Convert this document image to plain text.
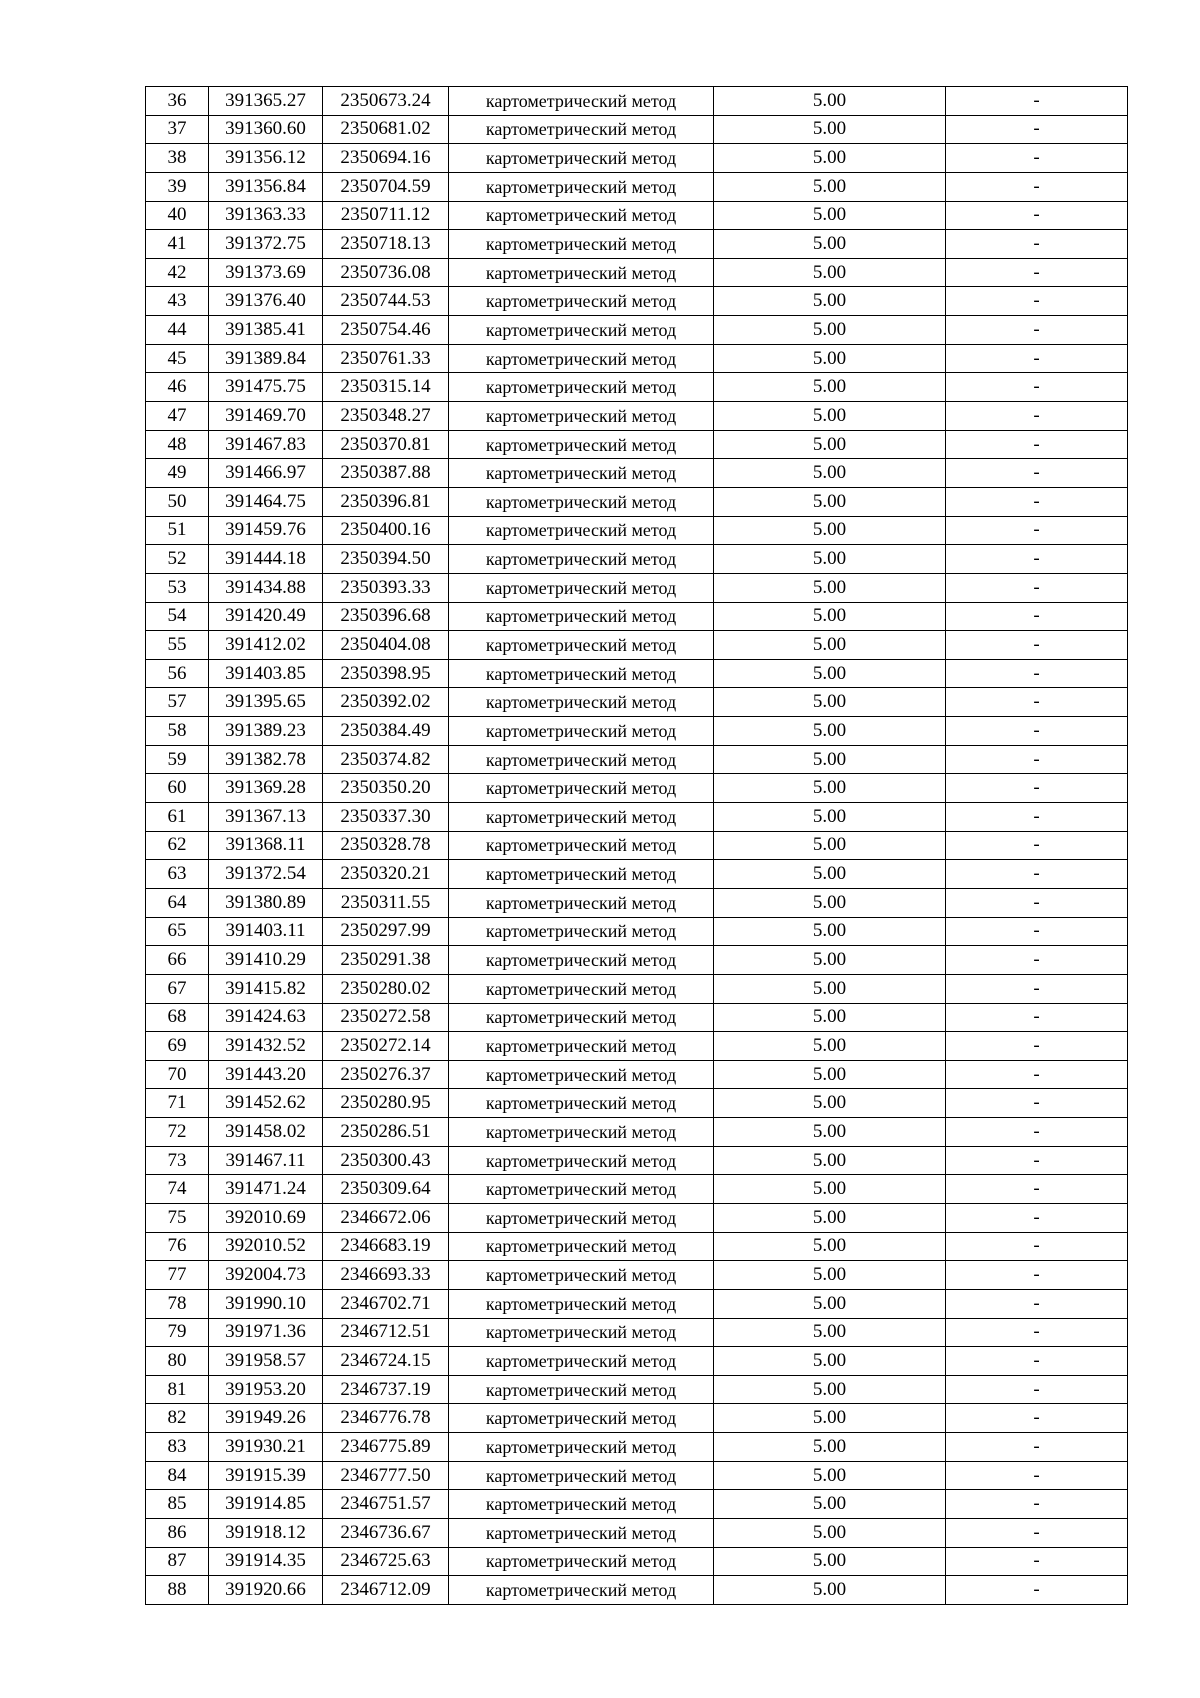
36	391365.27	2350673.24	картометрический метод	5.00	-
37	391360.60	2350681.02	картометрический метод	5.00	-
38	391356.12	2350694.16	картометрический метод	5.00	-
39	391356.84	2350704.59	картометрический метод	5.00	-
40	391363.33	2350711.12	картометрический метод	5.00	-
41	391372.75	2350718.13	картометрический метод	5.00	-
42	391373.69	2350736.08	картометрический метод	5.00	-
43	391376.40	2350744.53	картометрический метод	5.00	-
44	391385.41	2350754.46	картометрический метод	5.00	-
45	391389.84	2350761.33	картометрический метод	5.00	-
46	391475.75	2350315.14	картометрический метод	5.00	-
47	391469.70	2350348.27	картометрический метод	5.00	-
48	391467.83	2350370.81	картометрический метод	5.00	-
49	391466.97	2350387.88	картометрический метод	5.00	-
50	391464.75	2350396.81	картометрический метод	5.00	-
51	391459.76	2350400.16	картометрический метод	5.00	-
52	391444.18	2350394.50	картометрический метод	5.00	-
53	391434.88	2350393.33	картометрический метод	5.00	-
54	391420.49	2350396.68	картометрический метод	5.00	-
55	391412.02	2350404.08	картометрический метод	5.00	-
56	391403.85	2350398.95	картометрический метод	5.00	-
57	391395.65	2350392.02	картометрический метод	5.00	-
58	391389.23	2350384.49	картометрический метод	5.00	-
59	391382.78	2350374.82	картометрический метод	5.00	-
60	391369.28	2350350.20	картометрический метод	5.00	-
61	391367.13	2350337.30	картометрический метод	5.00	-
62	391368.11	2350328.78	картометрический метод	5.00	-
63	391372.54	2350320.21	картометрический метод	5.00	-
64	391380.89	2350311.55	картометрический метод	5.00	-
65	391403.11	2350297.99	картометрический метод	5.00	-
66	391410.29	2350291.38	картометрический метод	5.00	-
67	391415.82	2350280.02	картометрический метод	5.00	-
68	391424.63	2350272.58	картометрический метод	5.00	-
69	391432.52	2350272.14	картометрический метод	5.00	-
70	391443.20	2350276.37	картометрический метод	5.00	-
71	391452.62	2350280.95	картометрический метод	5.00	-
72	391458.02	2350286.51	картометрический метод	5.00	-
73	391467.11	2350300.43	картометрический метод	5.00	-
74	391471.24	2350309.64	картометрический метод	5.00	-
75	392010.69	2346672.06	картометрический метод	5.00	-
76	392010.52	2346683.19	картометрический метод	5.00	-
77	392004.73	2346693.33	картометрический метод	5.00	-
78	391990.10	2346702.71	картометрический метод	5.00	-
79	391971.36	2346712.51	картометрический метод	5.00	-
80	391958.57	2346724.15	картометрический метод	5.00	-
81	391953.20	2346737.19	картометрический метод	5.00	-
82	391949.26	2346776.78	картометрический метод	5.00	-
83	391930.21	2346775.89	картометрический метод	5.00	-
84	391915.39	2346777.50	картометрический метод	5.00	-
85	391914.85	2346751.57	картометрический метод	5.00	-
86	391918.12	2346736.67	картометрический метод	5.00	-
87	391914.35	2346725.63	картометрический метод	5.00	-
88	391920.66	2346712.09	картометрический метод	5.00	-
